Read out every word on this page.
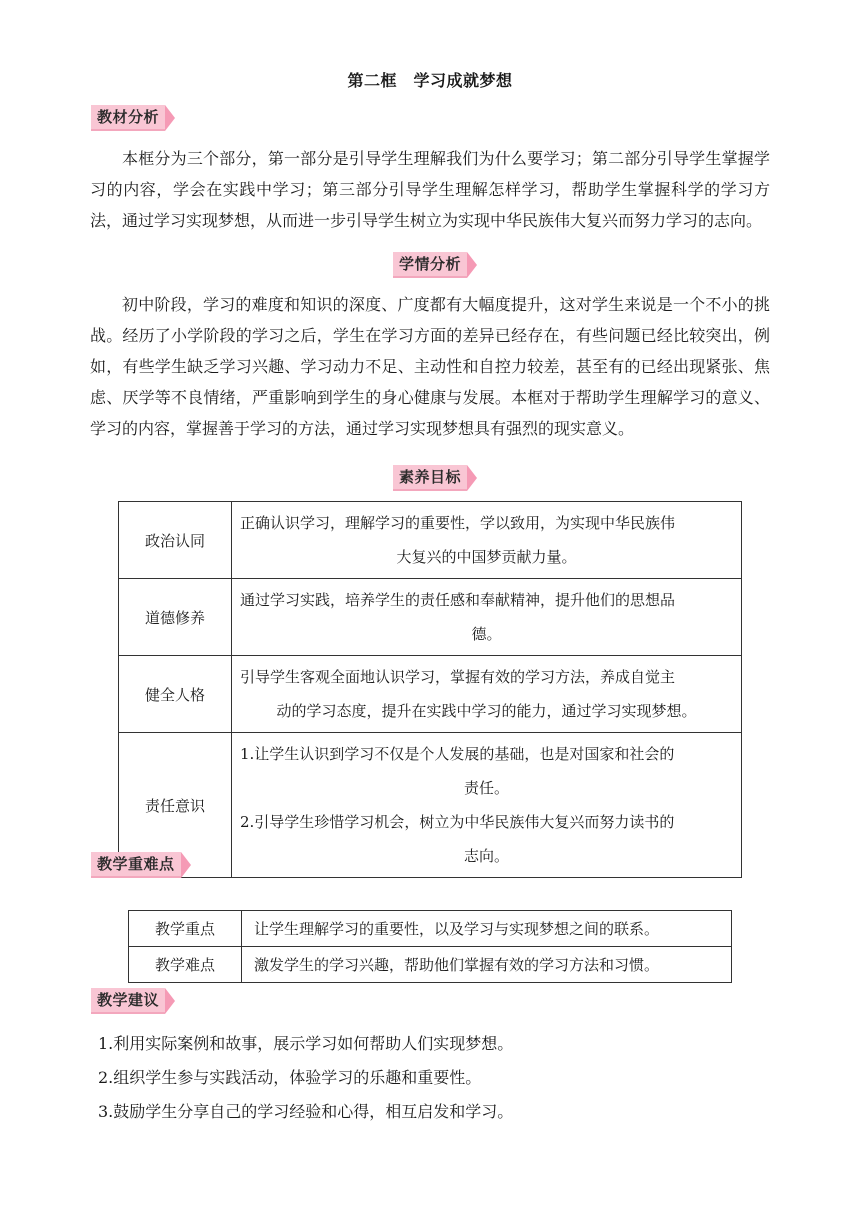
第二框　学习成就梦想
教材分析

本框分为三个部分，第一部分是引导学生理解我们为什么要学习；第二部分引导学生掌握学习的内容，学会在实践中学习；第三部分引导学生理解怎样学习，帮助学生掌握科学的学习方法，通过学习实现梦想，从而进一步引导学生树立为实现中华民族伟大复兴而努力学习的志向。

学情分析

初中阶段，学习的难度和知识的深度、广度都有大幅度提升，这对学生来说是一个不小的挑战。经历了小学阶段的学习之后，学生在学习方面的差异已经存在，有些问题已经比较突出，例如，有些学生缺乏学习兴趣、学习动力不足、主动性和自控力较差，甚至有的已经出现紧张、焦虑、厌学等不良情绪，严重影响到学生的身心健康与发展。本框对于帮助学生理解学习的意义、学习的内容，掌握善于学习的方法，通过学习实现梦想具有强烈的现实意义。

素养目标
政治认同	正确认识学习，理解学习的重要性，学以致用，为实现中华民族伟
大复兴的中国梦贡献力量。

道德修养	通过学习实践，培养学生的责任感和奉献精神，提升他们的思想品
德。

健全人格	引导学生客观全面地认识学习，掌握有效的学习方法，养成自觉主
动的学习态度，提升在实践中学习的能力，通过学习实现梦想。

责任意识	1.让学生认识到学习不仅是个人发展的基础，也是对国家和社会的
责任。
2.引导学生珍惜学习机会，树立为中华民族伟大复兴而努力读书的
志向。
教学重难点
教学重点	让学生理解学习的重要性，以及学习与实现梦想之间的联系。
教学难点	激发学生的学习兴趣，帮助他们掌握有效的学习方法和习惯。
教学建议
1.利用实际案例和故事，展示学习如何帮助人们实现梦想。
2.组织学生参与实践活动，体验学习的乐趣和重要性。
3.鼓励学生分享自己的学习经验和心得，相互启发和学习。
